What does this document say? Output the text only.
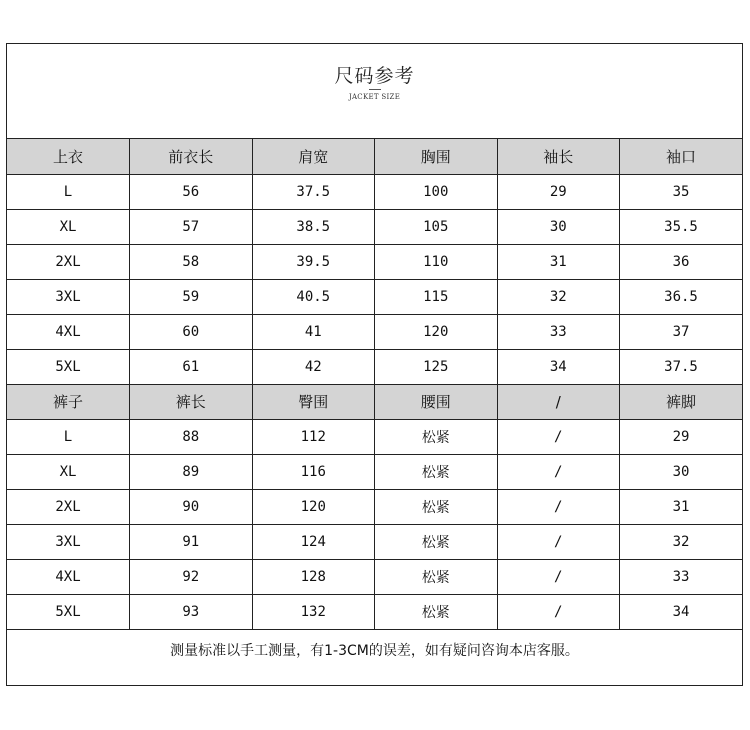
尺码参考
JACKET SIZE
上衣	前衣长	肩宽	胸围	袖长	袖口
L	56	37.5	100	29	35
XL	57	38.5	105	30	35.5
2XL	58	39.5	110	31	36
3XL	59	40.5	115	32	36.5
4XL	60	41	120	33	37
5XL	61	42	125	34	37.5
裤子	裤长	臀围	腰围	/	裤脚
L	88	112	松紧	/	29
XL	89	116	松紧	/	30
2XL	90	120	松紧	/	31
3XL	91	124	松紧	/	32
4XL	92	128	松紧	/	33
5XL	93	132	松紧	/	34
测量标准以手工测量，有1-3CM的误差，如有疑问咨询本店客服。
